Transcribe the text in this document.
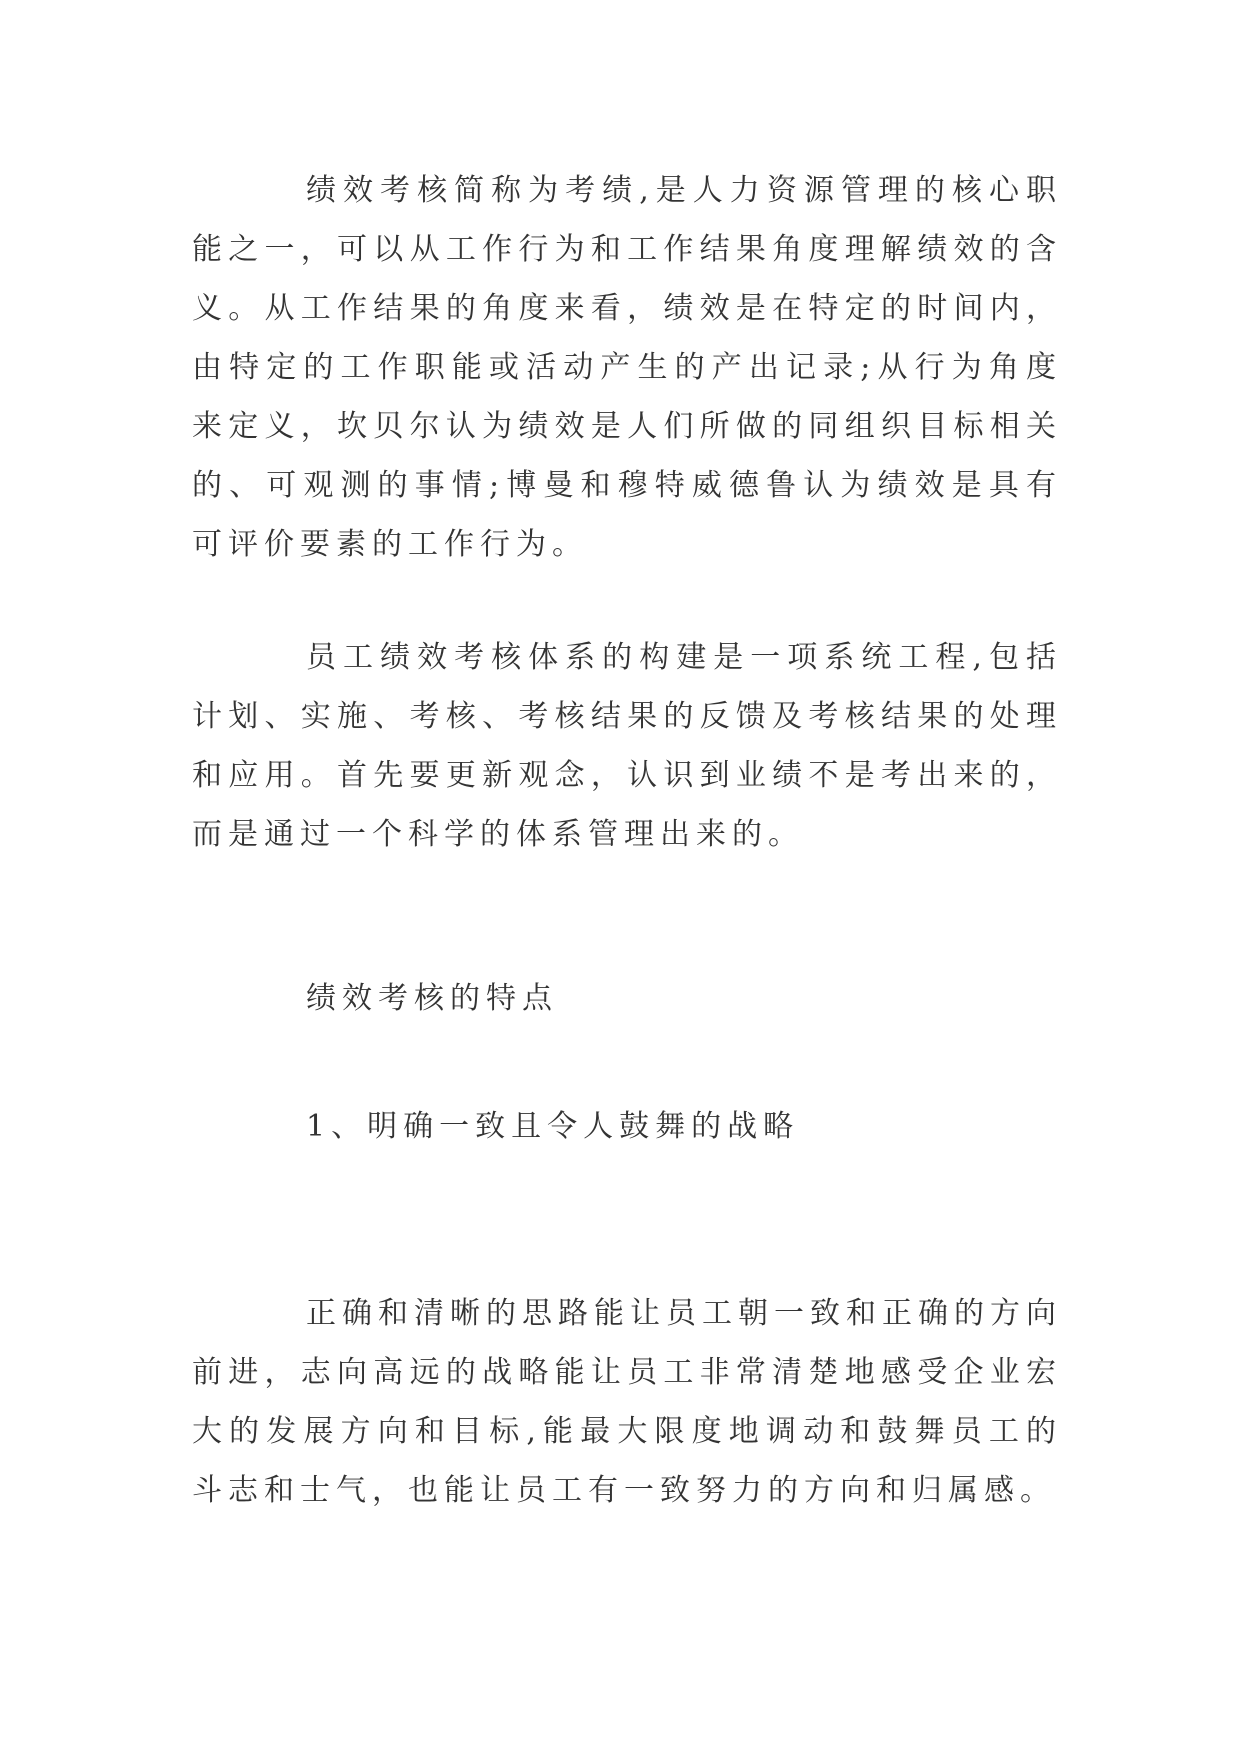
绩效考核简称为考绩,是人力资源管理的核心职能之一，可以从工作行为和工作结果角度理解绩效的含义。从工作结果的角度来看，绩效是在特定的时间内，由特定的工作职能或活动产生的产出记录;从行为角度来定义，坎贝尔认为绩效是人们所做的同组织目标相关的、可观测的事情;博曼和穆特威德鲁认为绩效是具有可评价要素的工作行为。

员工绩效考核体系的构建是一项系统工程,包括计划、实施、考核、考核结果的反馈及考核结果的处理和应用。首先要更新观念，认识到业绩不是考出来的，而是通过一个科学的体系管理出来的。

绩效考核的特点

1、明确一致且令人鼓舞的战略

正确和清晰的思路能让员工朝一致和正确的方向前进，志向高远的战略能让员工非常清楚地感受企业宏大的发展方向和目标,能最大限度地调动和鼓舞员工的斗志和士气，也能让员工有一致努力的方向和归属感。
